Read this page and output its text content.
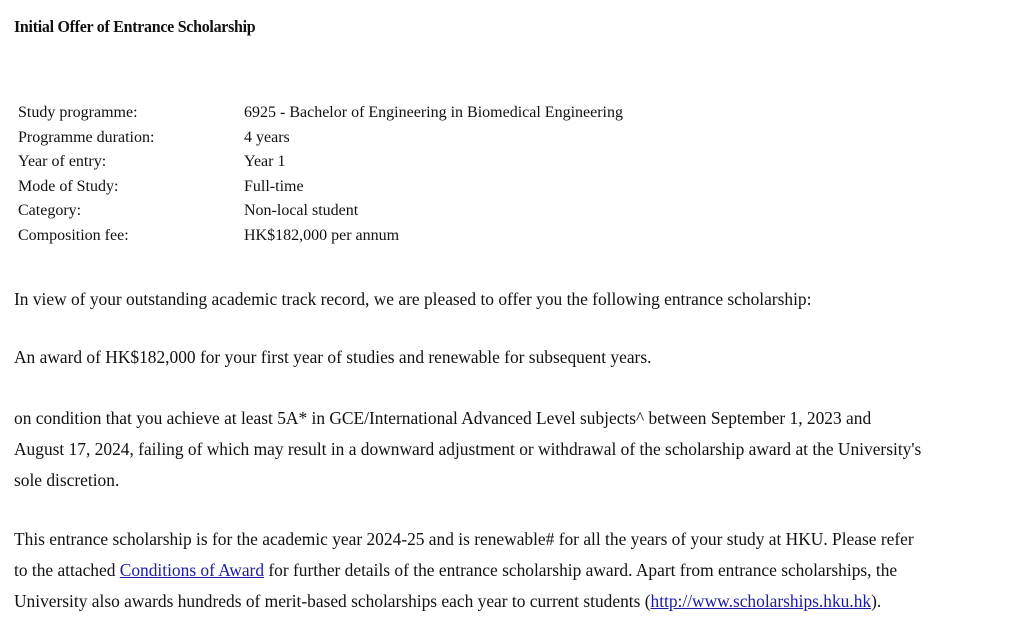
Initial Offer of Entrance Scholarship
Study programme:	6925 - Bachelor of Engineering in Biomedical Engineering
Programme duration:	4 years
Year of entry:	Year 1
Mode of Study:	Full-time
Category:	Non-local student
Composition fee:	HK$182,000 per annum
In view of your outstanding academic track record, we are pleased to offer you the following entrance scholarship:
An award of HK$182,000 for your first year of studies and renewable for subsequent years.
on condition that you achieve at least 5A* in GCE/International Advanced Level subjects^ between September 1, 2023 and
August 17, 2024, failing of which may result in a downward adjustment or withdrawal of the scholarship award at the University's
sole discretion.
This entrance scholarship is for the academic year 2024-25 and is renewable# for all the years of your study at HKU. Please refer
to the attached Conditions of Award for further details of the entrance scholarship award. Apart from entrance scholarships, the
University also awards hundreds of merit-based scholarships each year to current students (http://www.scholarships.hku.hk).
